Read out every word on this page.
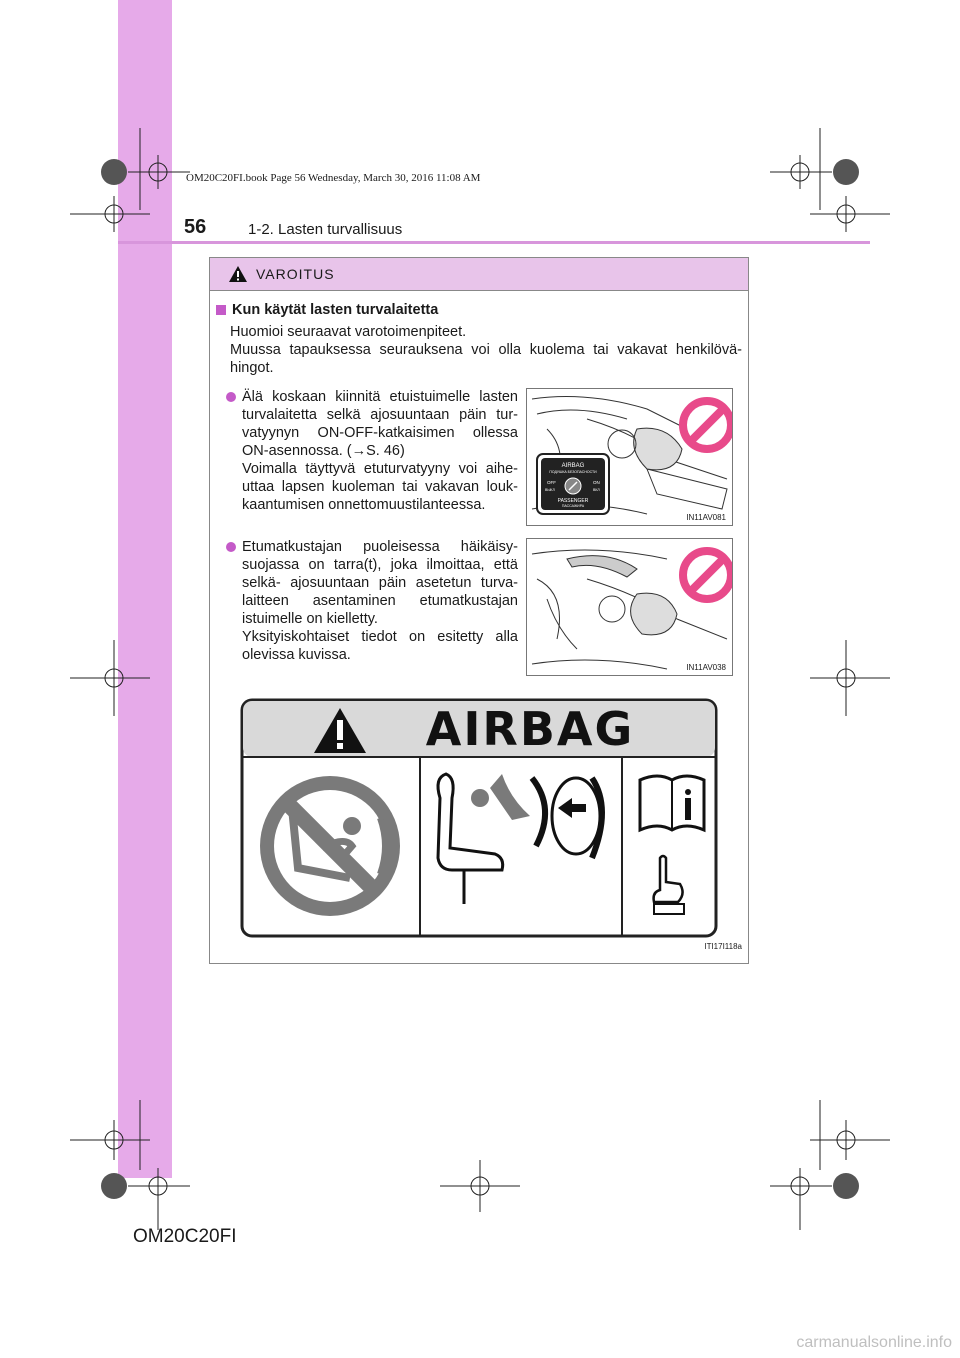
OM20C20FI.book Page 56 Wednesday, March 30, 2016 11:08 AM
56	1-2. Lasten turvallisuus
VAROITUS
Kun käytät lasten turvalaitetta
Huomioi seuraavat varotoimenpiteet.
Muussa tapauksessa seurauksena voi olla kuolema tai vakavat henkilövä-hingot.
Älä koskaan kiinnitä etuistuimelle lasten turvalaitetta selkä ajosuuntaan päin tur-vatyynyn ON-OFF-katkaisimen ollessa ON-asennossa. (→S. 46)
Voimalla täyttyvä etuturvatyyny voi aihe-uttaa lapsen kuoleman tai vakavan louk-kaantumisen onnettomuustilanteessa.
Etumatkustajan puoleisessa häikäisy-suojassa on tarra(t), joka ilmoittaa, että selkä- ajosuuntaan päin asetetun turva-laitteen asentaminen etumatkustajan istuimelle on kielletty.
Yksityiskohtaiset tiedot on esitetty alla olevissa kuvissa.
AIRBAG
ПОДУШКА БЕЗОПАСНОСТИ
OFF	ON
ВЫКЛ	ВКЛ
PASSENGER
ПАССАЖИРА
IN11AV081
IN11AV038
AIRBAG
ITI17I118a
OM20C20FI
carmanualsonline.info
